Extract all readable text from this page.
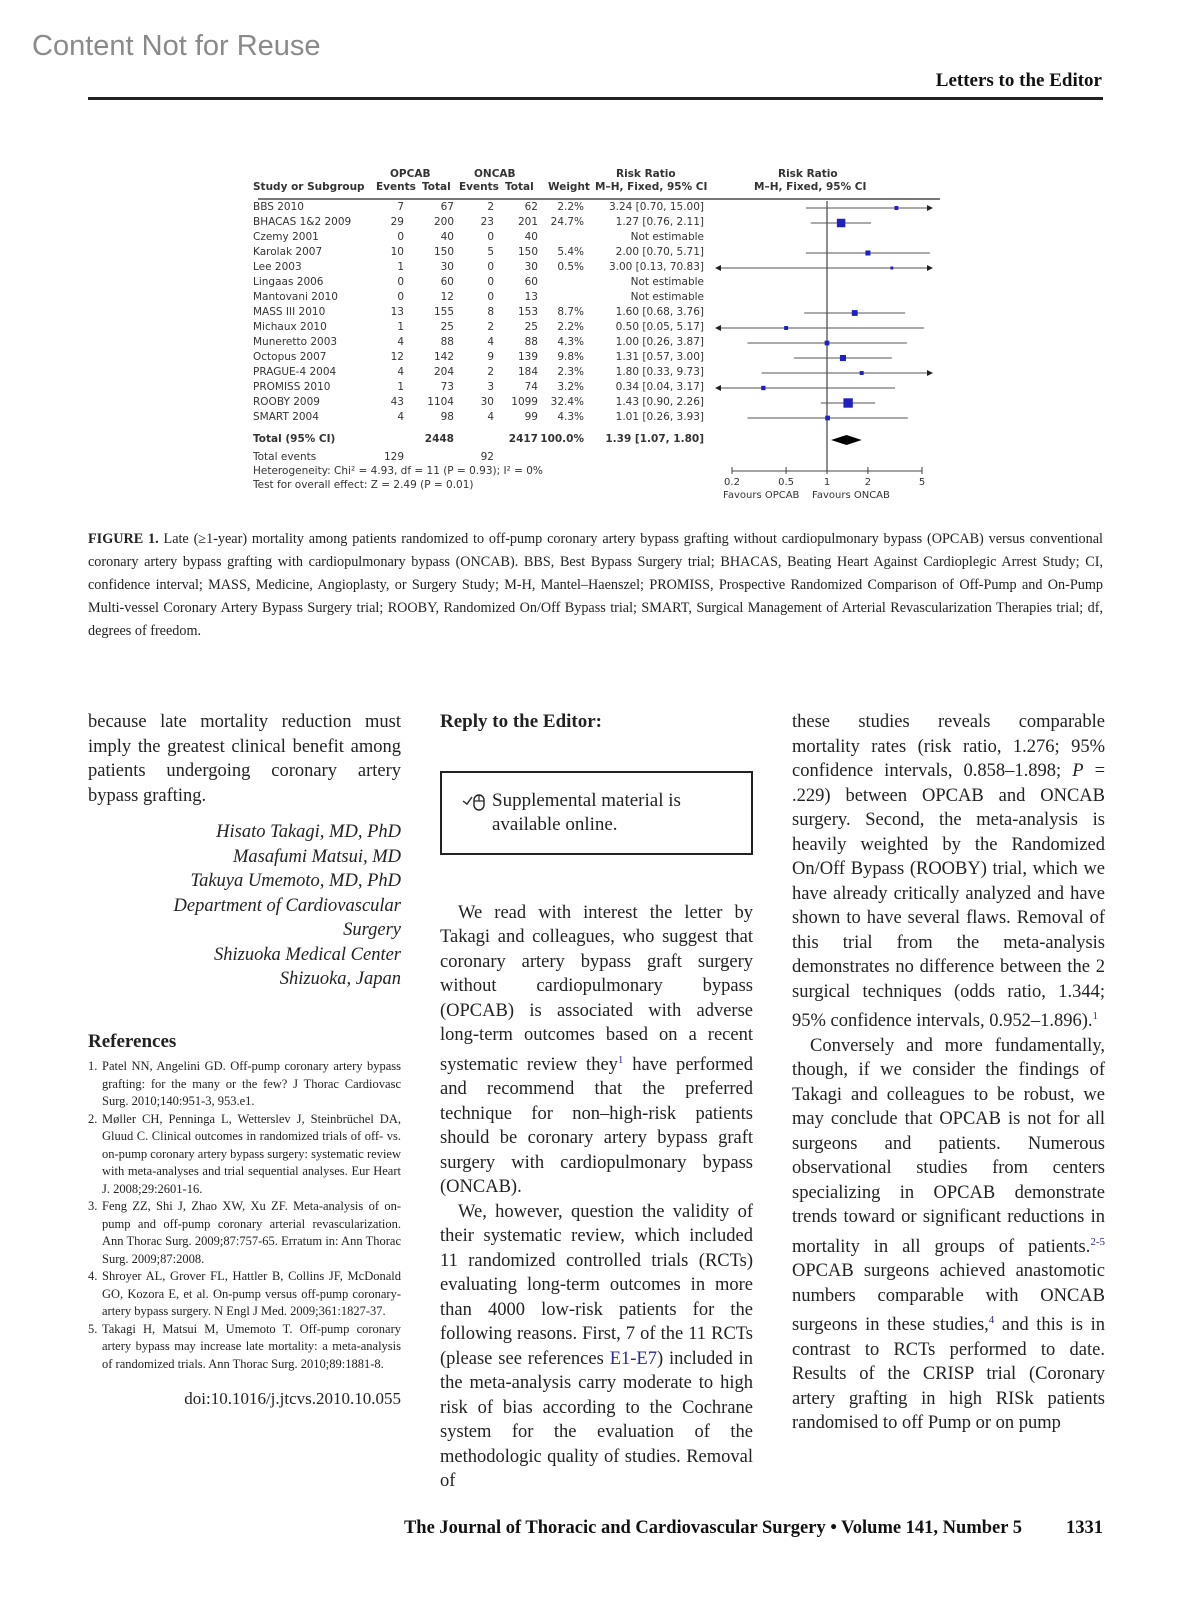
Content Not for Reuse
Letters to the Editor
OPCAB	ONCAB	Risk Ratio	Risk Ratio
Study or Subgroup Events Total Events Total Weight M–H, Fixed, 95% CI	M–H, Fixed, 95% CI
BBS 2010	7	67	2	62	2.2%	3.24 [0.70, 15.00]
BHACAS 1&2 2009	29	200	23	201	24.7%	1.27 [0.76, 2.11]
Czemy 2001	0	40	0	40	Not estimable
Karolak 2007	10	150	5	150	5.4%	2.00 [0.70, 5.71]
Lee 2003	1	30	0	30	0.5%	3.00 [0.13, 70.83]
Lingaas 2006	0	60	0	60	Not estimable
Mantovani 2010	0	12	0	13	Not estimable
MASS III 2010	13	155	8	153	8.7%	1.60 [0.68, 3.76]
Michaux 2010	1	25	2	25	2.2%	0.50 [0.05, 5.17]
Muneretto 2003	4	88	4	88	4.3%	1.00 [0.26, 3.87]
Octopus 2007	12	142	9	139	9.8%	1.31 [0.57, 3.00]
PRAGUE-4 2004	4	204	2	184	2.3%	1.80 [0.33, 9.73]
PROMISS 2010	1	73	3	74	3.2%	0.34 [0.04, 3.17]
ROOBY 2009	43	1104	30	1099	32.4%	1.43 [0.90, 2.26]
SMART 2004	4	98	4	99	4.3%	1.01 [0.26, 3.93]
Total (95% CI)	2448	2417 100.0%	1.39 [1.07, 1.80]
Total events	129	92
Heterogeneity: Chi² = 4.93, df = 11 (P = 0.93); I² = 0%
Test for overall effect: Z = 2.49 (P = 0.01)	0.2	0.5	1	2	5
Favours OPCAB Favours ONCAB
FIGURE 1. Late (≥1-year) mortality among patients randomized to off-pump coronary artery bypass grafting without cardiopulmonary bypass (OPCAB) versus conventional coronary artery bypass grafting with cardiopulmonary bypass (ONCAB). BBS, Best Bypass Surgery trial; BHACAS, Beating Heart Against Cardioplegic Arrest Study; CI, confidence interval; MASS, Medicine, Angioplasty, or Surgery Study; M-H, Mantel–Haenszel; PROMISS, Prospective Randomized Comparison of Off-Pump and On-Pump Multi-vessel Coronary Artery Bypass Surgery trial; ROOBY, Randomized On/Off Bypass trial; SMART, Surgical Management of Arterial Revascularization Therapies trial; df, degrees of freedom.

because late mortality reduction must imply the greatest clinical benefit among patients undergoing coronary artery bypass grafting.

Hisato Takagi, MD, PhD
Masafumi Matsui, MD
Takuya Umemoto, MD, PhD
Department of Cardiovascular
Surgery
Shizuoka Medical Center
Shizuoka, Japan
References
1. Patel NN, Angelini GD. Off-pump coronary artery bypass grafting: for the many or the few? J Thorac Cardiovasc Surg. 2010;140:951-3, 953.e1.
2. Møller CH, Penninga L, Wetterslev J, Steinbrüchel DA, Gluud C. Clinical outcomes in randomized trials of off- vs. on-pump coronary artery bypass surgery: systematic review with meta-analyses and trial sequential analyses. Eur Heart J. 2008;29:2601-16.
3. Feng ZZ, Shi J, Zhao XW, Xu ZF. Meta-analysis of on-pump and off-pump coronary arterial revascularization. Ann Thorac Surg. 2009;87:757-65. Erratum in: Ann Thorac Surg. 2009;87:2008.
4. Shroyer AL, Grover FL, Hattler B, Collins JF, McDonald GO, Kozora E, et al. On-pump versus off-pump coronary-artery bypass surgery. N Engl J Med. 2009;361:1827-37.
5. Takagi H, Matsui M, Umemoto T. Off-pump coronary artery bypass may increase late mortality: a meta-analysis of randomized trials. Ann Thorac Surg. 2010;89:1881-8.
doi:10.1016/j.jtcvs.2010.10.055
Reply to the Editor:
Supplemental material is available online.

We read with interest the letter by Takagi and colleagues, who suggest that coronary artery bypass graft surgery without cardiopulmonary bypass (OPCAB) is associated with adverse long-term outcomes based on a recent systematic review they$^1$ have performed and recommend that the preferred technique for non–high-risk patients should be coronary artery bypass graft surgery with cardiopulmonary bypass (ONCAB).

We, however, question the validity of their systematic review, which included 11 randomized controlled trials (RCTs) evaluating long-term outcomes in more than 4000 low-risk patients for the following reasons. First, 7 of the 11 RCTs (please see references E1-E7) included in the meta-analysis carry moderate to high risk of bias according to the Cochrane system for the evaluation of the methodologic quality of studies. Removal of

these studies reveals comparable mortality rates (risk ratio, 1.276; 95% confidence intervals, 0.858–1.898; P = .229) between OPCAB and ONCAB surgery. Second, the meta-analysis is heavily weighted by the Randomized On/Off Bypass (ROOBY) trial, which we have already critically analyzed and have shown to have several flaws. Removal of this trial from the meta-analysis demonstrates no difference between the 2 surgical techniques (odds ratio, 1.344; 95% confidence intervals, 0.952–1.896).$^1$

Conversely and more fundamentally, though, if we consider the findings of Takagi and colleagues to be robust, we may conclude that OPCAB is not for all surgeons and patients. Numerous observational studies from centers specializing in OPCAB demonstrate trends toward or significant reductions in mortality in all groups of patients.$^{2-5}$ OPCAB surgeons achieved anastomotic numbers comparable with ONCAB surgeons in these studies,$^4$ and this is in contrast to RCTs performed to date. Results of the CRISP trial (Coronary artery grafting in high RISk patients randomised to off Pump or on pump

The Journal of Thoracic and Cardiovascular Surgery • Volume 141, Number 5 1331
